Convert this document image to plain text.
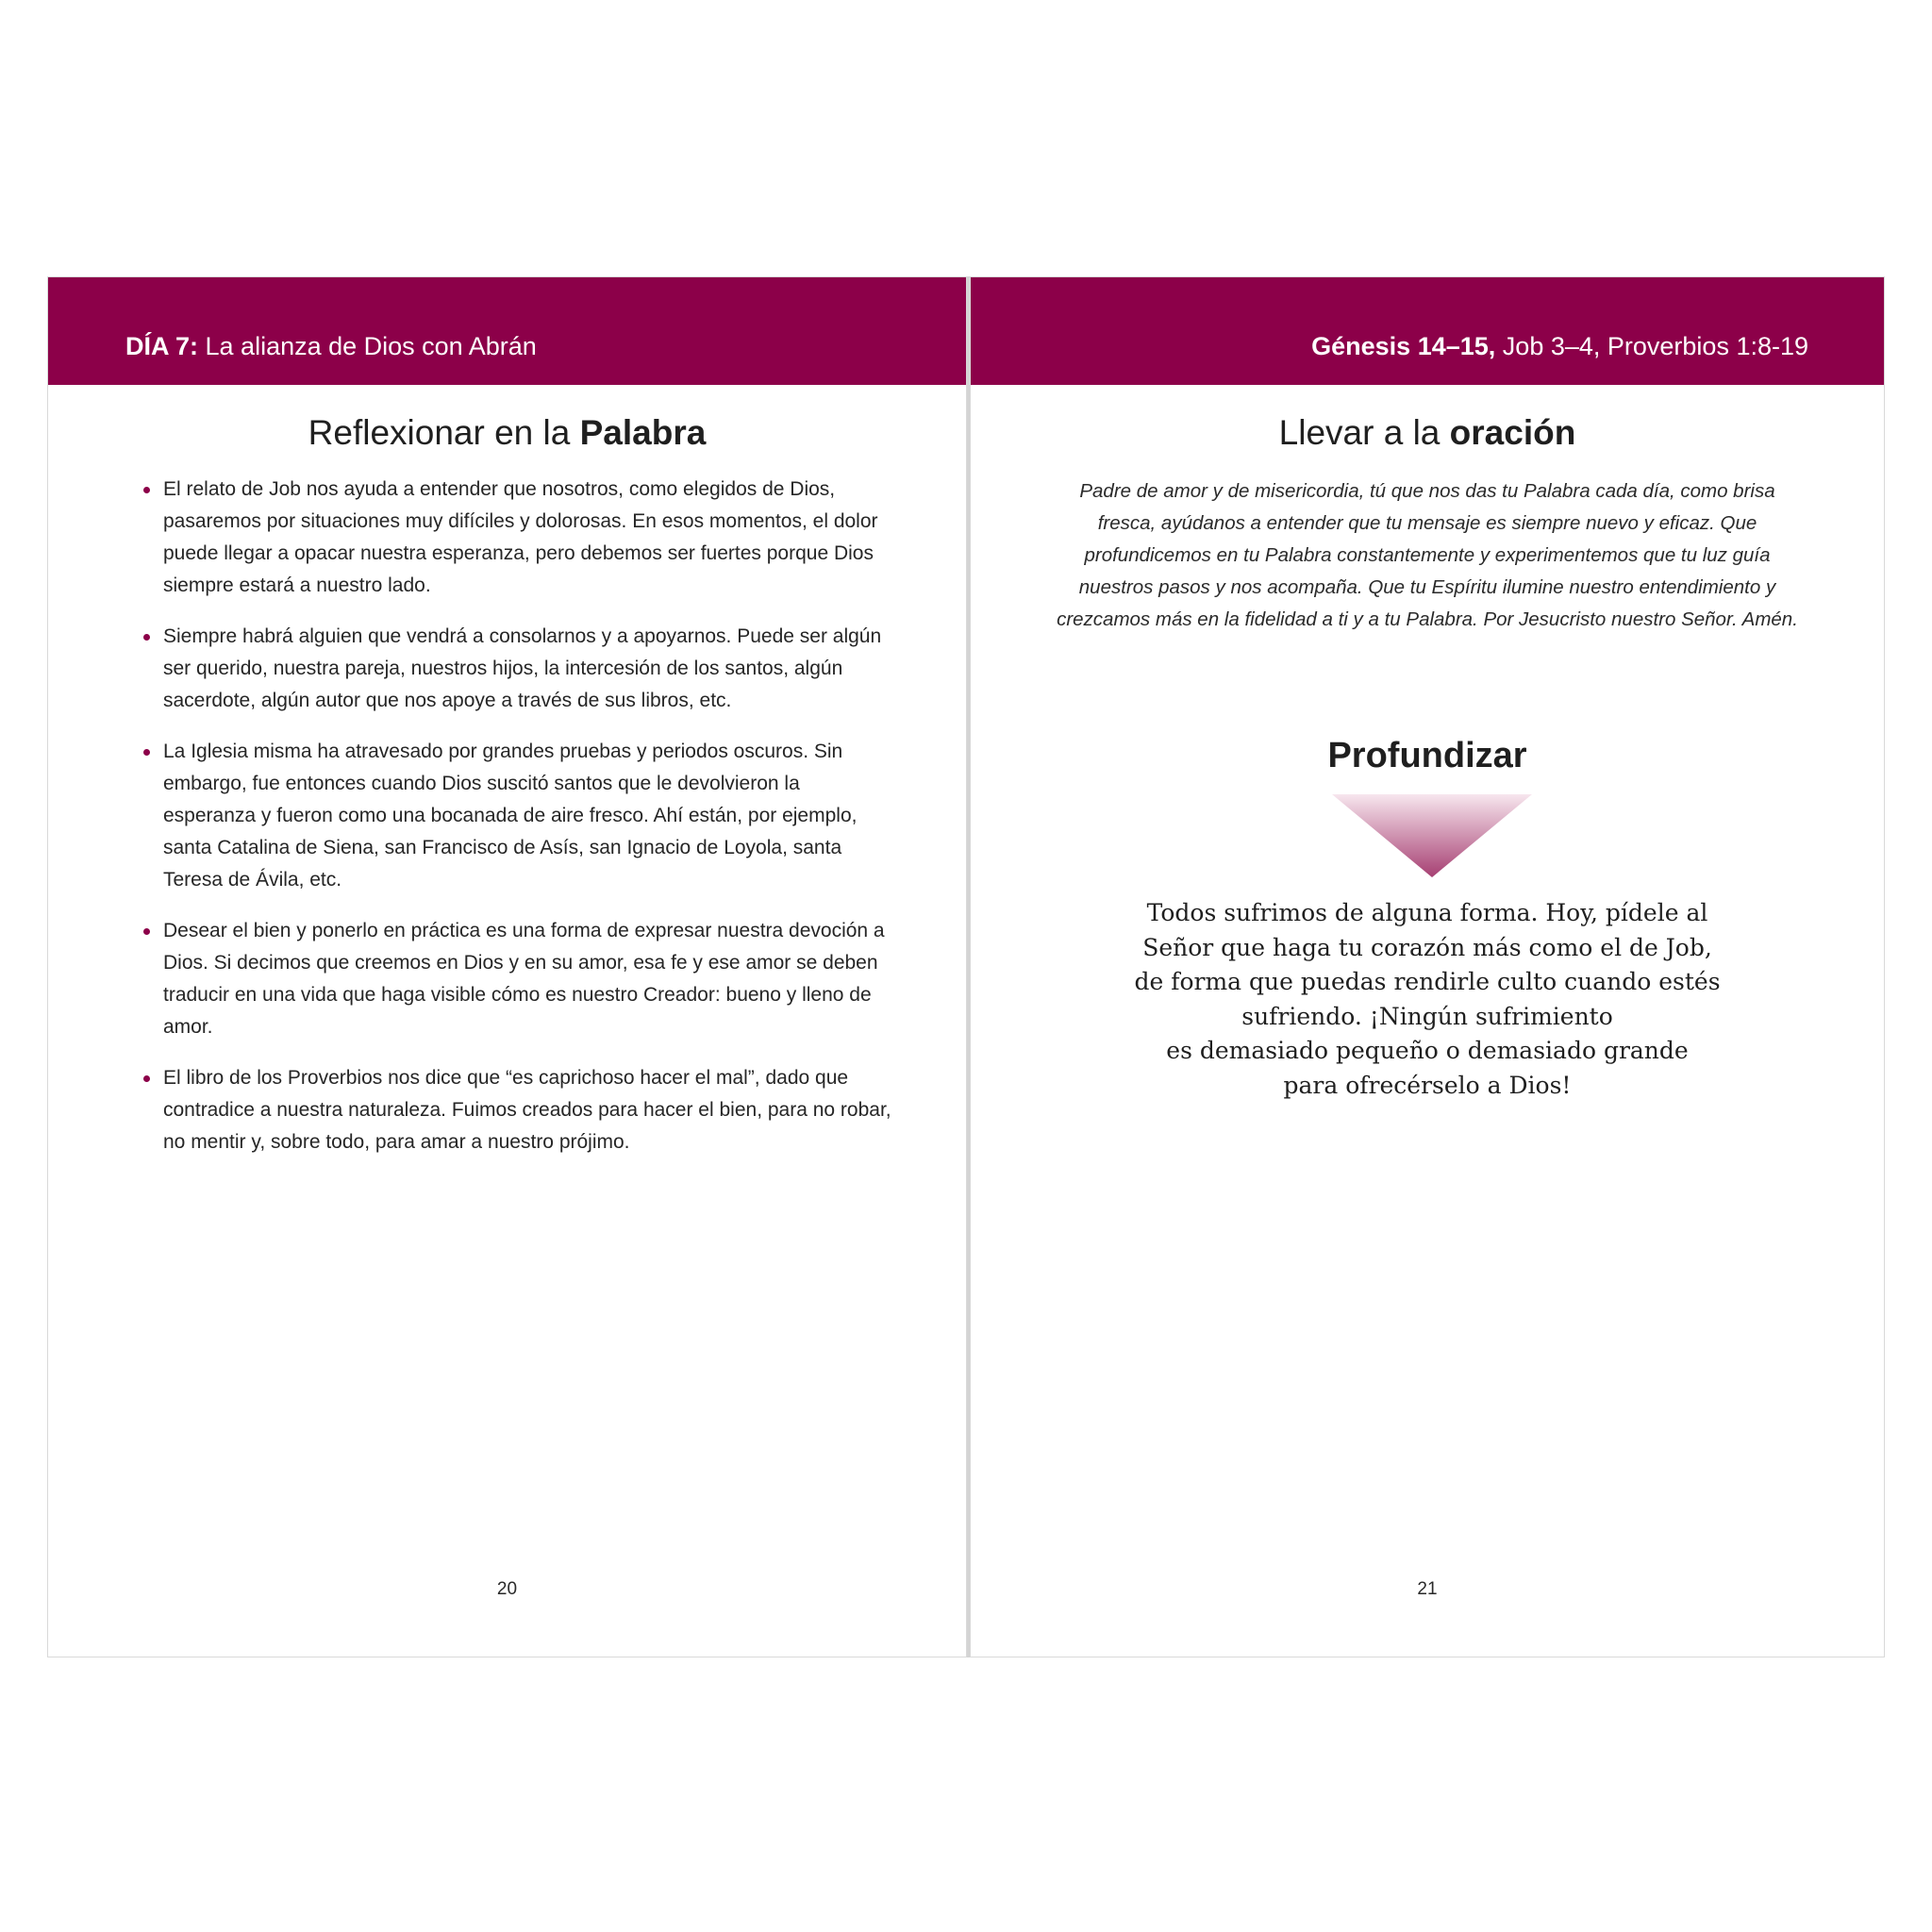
DÍA 7: La alianza de Dios con Abrán
Reflexionar en la Palabra
El relato de Job nos ayuda a entender que nosotros, como elegidos de Dios, pasaremos por situaciones muy difíciles y dolorosas. En esos momentos, el dolor puede llegar a opacar nuestra esperanza, pero debemos ser fuertes porque Dios siempre estará a nuestro lado.
Siempre habrá alguien que vendrá a consolarnos y a apoyarnos. Puede ser algún ser querido, nuestra pareja, nuestros hijos, la intercesión de los santos, algún sacerdote, algún autor que nos apoye a través de sus libros, etc.
La Iglesia misma ha atravesado por grandes pruebas y periodos oscuros. Sin embargo, fue entonces cuando Dios suscitó santos que le devolvieron la esperanza y fueron como una bocanada de aire fresco. Ahí están, por ejemplo, santa Catalina de Siena, san Francisco de Asís, san Ignacio de Loyola, santa Teresa de Ávila, etc.
Desear el bien y ponerlo en práctica es una forma de expresar nuestra devoción a Dios. Si decimos que creemos en Dios y en su amor, esa fe y ese amor se deben traducir en una vida que haga visible cómo es nuestro Creador: bueno y lleno de amor.
El libro de los Proverbios nos dice que “es caprichoso hacer el mal”, dado que contradice a nuestra naturaleza. Fuimos creados para hacer el bien, para no robar, no mentir y, sobre todo, para amar a nuestro prójimo.
20
Génesis 14–15, Job 3–4, Proverbios 1:8-19
Llevar a la oración
Padre de amor y de misericordia, tú que nos das tu Palabra cada día, como brisa fresca, ayúdanos a entender que tu mensaje es siempre nuevo y eficaz. Que profundicemos en tu Palabra constantemente y experimentemos que tu luz guía nuestros pasos y nos acompaña. Que tu Espíritu ilumine nuestro entendimiento y crezcamos más en la fidelidad a ti y a tu Palabra. Por Jesucristo nuestro Señor. Amén.
Profundizar
Todos sufrimos de alguna forma. Hoy, pídele al
Señor que haga tu corazón más como el de Job,
de forma que puedas rendirle culto cuando estés
sufriendo. ¡Ningún sufrimiento
es demasiado pequeño o demasiado grande
para ofrecérselo a Dios!
21
